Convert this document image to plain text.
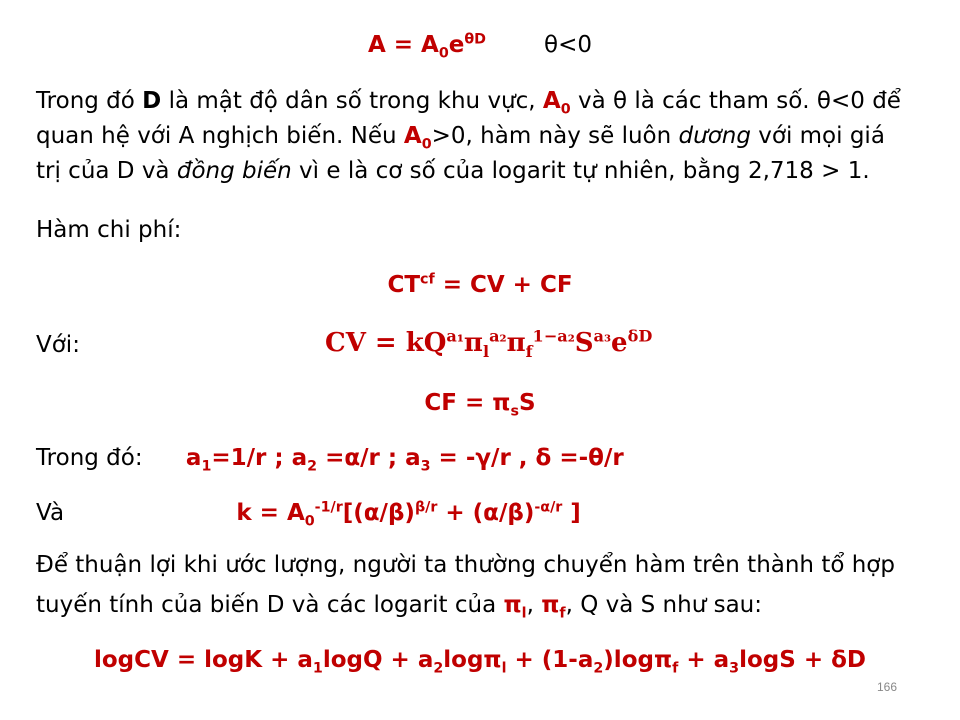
$A = A_0e^{\theta D}$	θ<0
Trong đó D là mật độ dân số trong khu vực, $A_0$ và θ là các tham số. θ<0 để
quan hệ với A nghịch biến. Nếu $A_0>0$, hàm này sẽ luôn dương với mọi giá
trị của D và đồng biến vì e là cơ số của logarit tự nhiên, bằng 2,718 > 1.
Hàm chi phí:
$CT^{cf}$ = CV + CF
Với:	CV = $kQ^{a_1}\pi_l^{a_2}\pi_f^{1-a_2}S^{a_3}e^{\delta D}$
CF = $\pi_sS$
Trong đó: $a_1=1/r$ ; $a_2 =\alpha/r$ ; $a_3 = -\gamma/r$ , δ =-θ/r
Và	$k = A_0^{-1/r}[(\alpha/\beta)^{\beta/r} + (\alpha/\beta)^{-\alpha/r}$ ]
Để thuận lợi khi ước lượng, người ta thường chuyển hàm trên thành tổ hợp
tuyến tính của biến D và các logarit của $\pi_l$, $\pi_f$, Q và S như sau:
logCV = $\log K + a_1\log Q + a_2\log\pi_l + (1-a_2)\log\pi_f + a_3\log S + \delta D$
166
